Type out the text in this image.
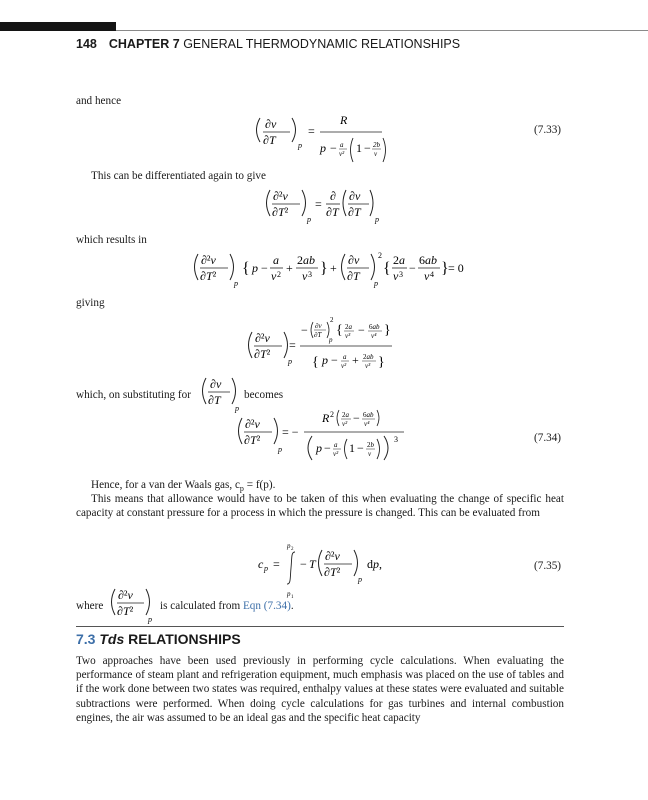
148 CHAPTER 7 GENERAL THERMODYNAMIC RELATIONSHIPS
and hence
∂v
∂T	p
=
R
p − a
v² 1 − 2b
v
(7.33)
This can be differentiated again to give
∂²v
∂T²
p
=
∂
∂T
∂v
∂T
p
which results in
∂²v
∂T²
p
{ p −
a
v 2 +
2ab
v 3 } +
∂v
∂T
2
p
{ 2a
v 3 −
6ab
v 4 } = 0
giving
∂²v
∂T²
p
=
− ∂v
∂T
2
p
{ 2a
v³ − 6ab
v⁴ }
{ p − a
v² + 2ab
v³ }
which, on substituting for
∂v
∂T
p
becomes
∂²v
∂T²
p
= −
R 2 2a
v² − 6ab
v⁴
p − a
v² 1 − 2b
v
3	(7.34)
Hence, for a van der Waals gas, $c_p = f(p)$.
This means that allowance would have to be taken of this when evaluating the change of specific heat capacity at constant pressure for a process in which the pressure is changed. This can be evaluated from
c p =
p 2
p 1
− T
∂²v
∂T²
p
dp,	(7.35)
where
∂²v
∂T²
p
is calculated from Eqn (7.34).
7.3 Tds RELATIONSHIPS
Two approaches have been used previously in performing cycle calculations. When evaluating the performance of steam plant and refrigeration equipment, much emphasis was placed on the use of tables and if the work done between two states was required, enthalpy values at these states were evaluated and suitable subtractions were performed. When doing cycle calculations for gas turbines and internal combustion engines, the air was assumed to be an ideal gas and the specific heat capacity
